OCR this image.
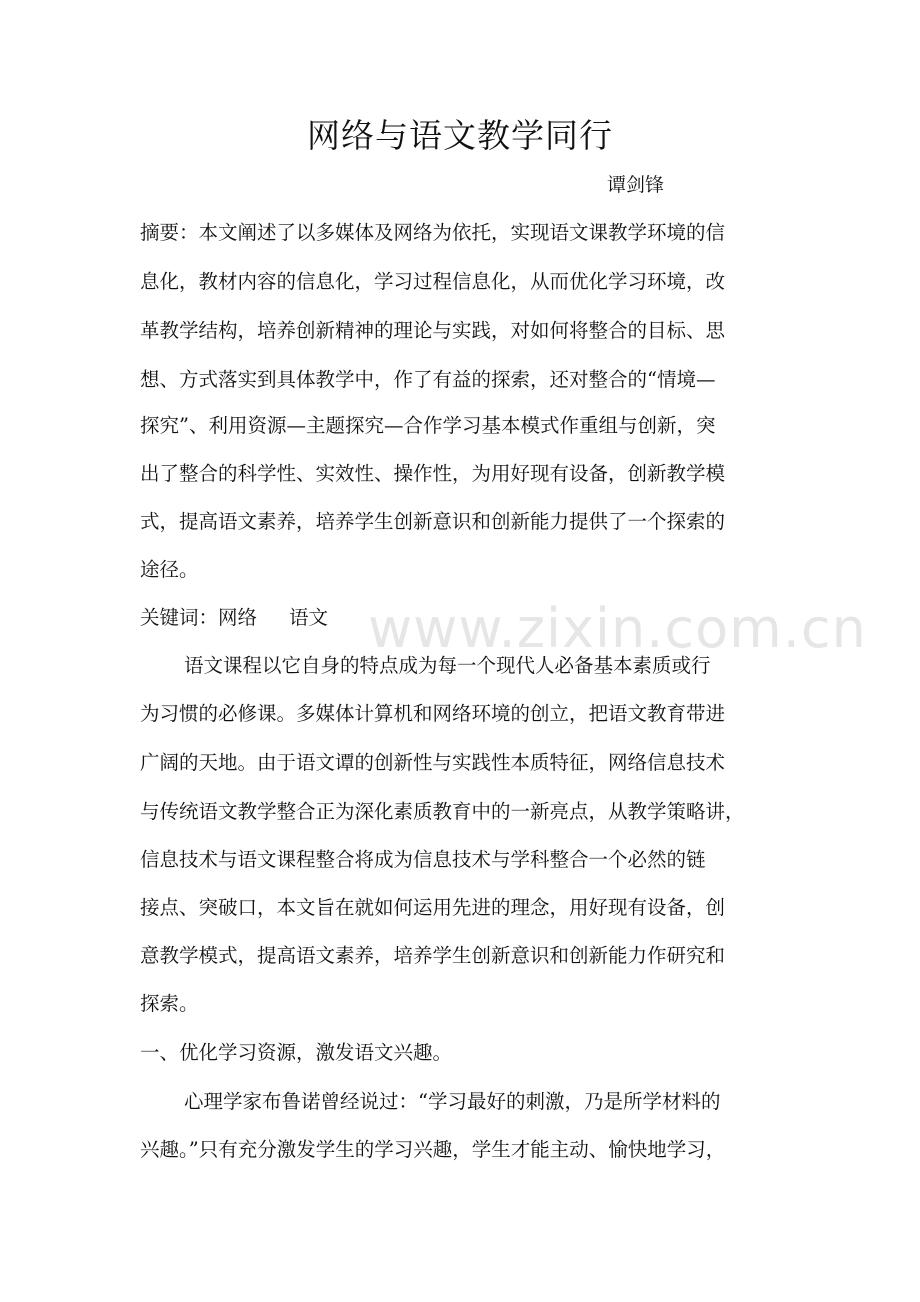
网络与语文教学同行
谭剑锋
摘要：本文阐述了以多媒体及网络为依托，实现语文课教学环境的信
息化，教材内容的信息化，学习过程信息化，从而优化学习环境，改
革教学结构，培养创新精神的理论与实践，对如何将整合的目标、思
想、方式落实到具体教学中，作了有益的探索，还对整合的“情境—
探究”、利用资源—主题探究—合作学习基本模式作重组与创新，突
出了整合的科学性、实效性、操作性，为用好现有设备，创新教学模
式，提高语文素养，培养学生创新意识和创新能力提供了一个探索的
途径。
关键词：网络 语文
语文课程以它自身的特点成为每一个现代人必备基本素质或行
为习惯的必修课。多媒体计算机和网络环境的创立，把语文教育带进
广阔的天地。由于语文谭的创新性与实践性本质特征，网络信息技术
与传统语文教学整合正为深化素质教育中的一新亮点，从教学策略讲，
信息技术与语文课程整合将成为信息技术与学科整合一个必然的链
接点、突破口，本文旨在就如何运用先进的理念，用好现有设备，创
意教学模式，提高语文素养，培养学生创新意识和创新能力作研究和
探索。
一、优化学习资源，激发语文兴趣。
心理学家布鲁诺曾经说过：“学习最好的刺激，乃是所学材料的
兴趣。”只有充分激发学生的学习兴趣，学生才能主动、愉快地学习，
www.zixin.com.cn
